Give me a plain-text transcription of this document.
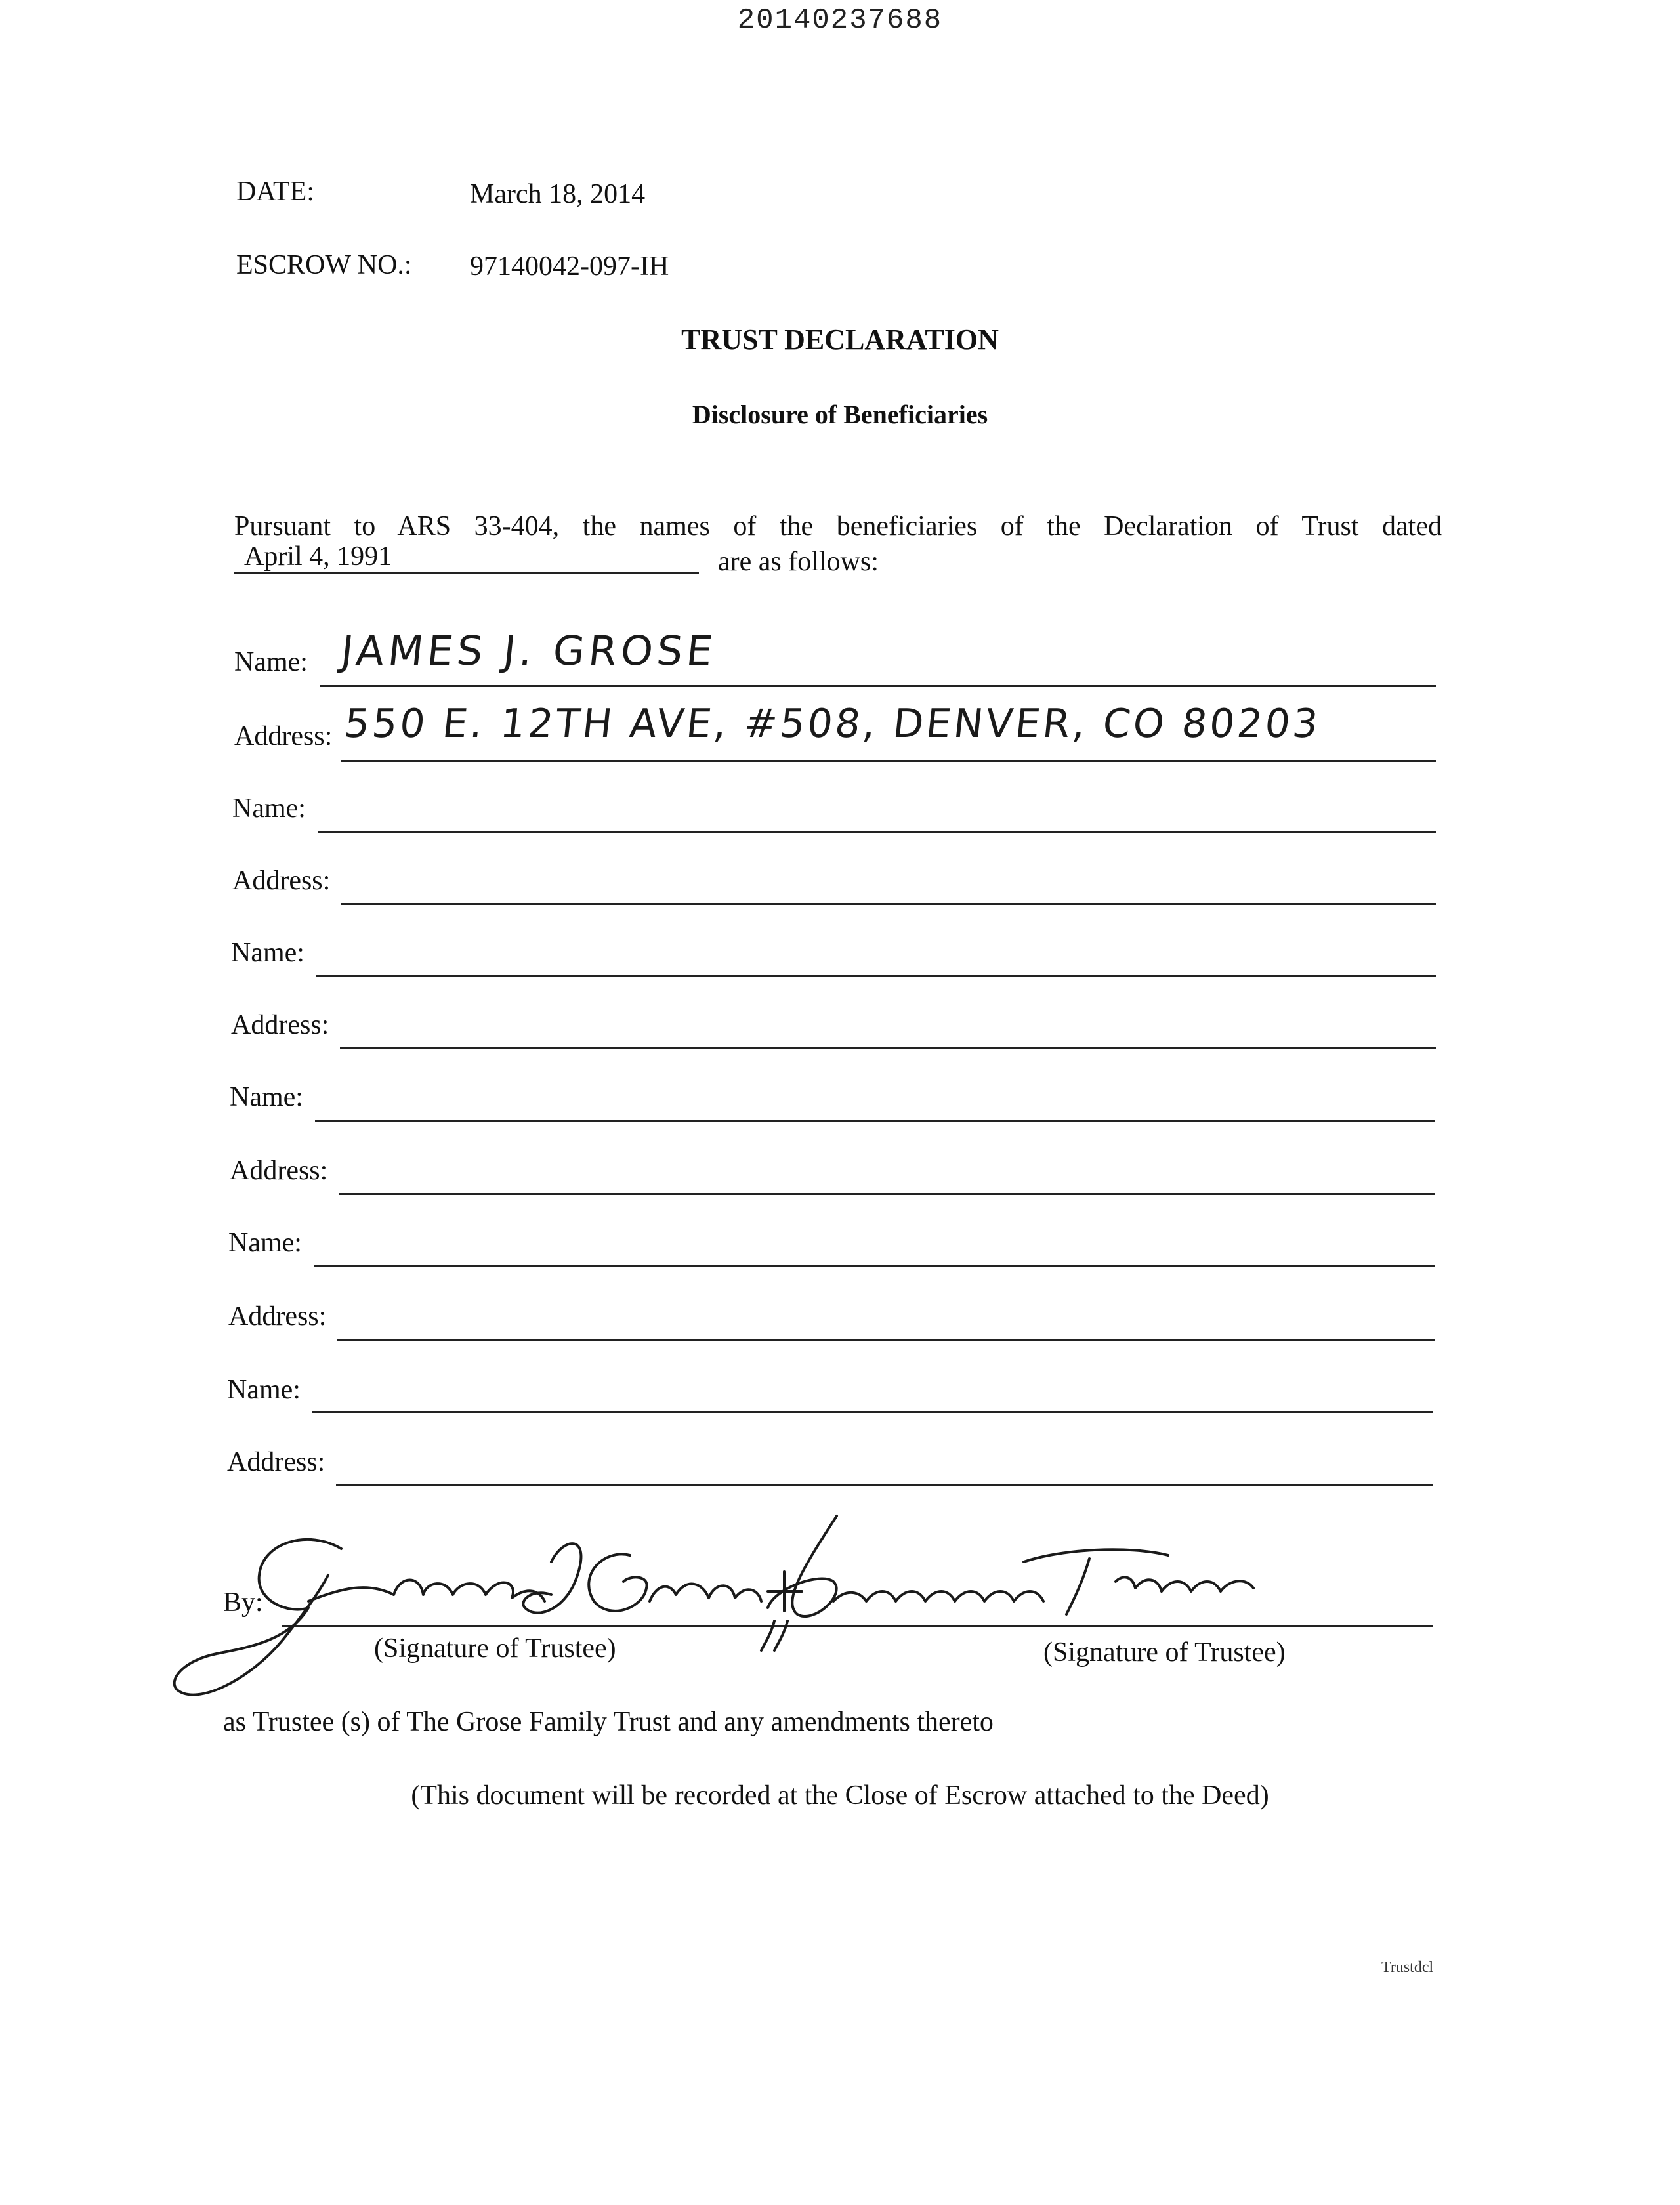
20140237688
DATE:	March 18, 2014
ESCROW NO.: 97140042-097-IH
TRUST DECLARATION
Disclosure of Beneficiaries
Pursuant to ARS 33-404, the names of the beneficiaries of the Declaration of Trust dated
April 4, 1991	are as follows:
Name: JAMES J. GROSE
Address: 550 E. 12TH AVE, #508, DENVER, CO 80203
Name:
Address:
Name:
Address:
Name:
Address:
Name:
Address:
Name:
Address:
By:
(Signature of Trustee)	(Signature of Trustee)
as Trustee (s) of The Grose Family Trust and any amendments thereto
(This document will be recorded at the Close of Escrow attached to the Deed)
Trustdcl
